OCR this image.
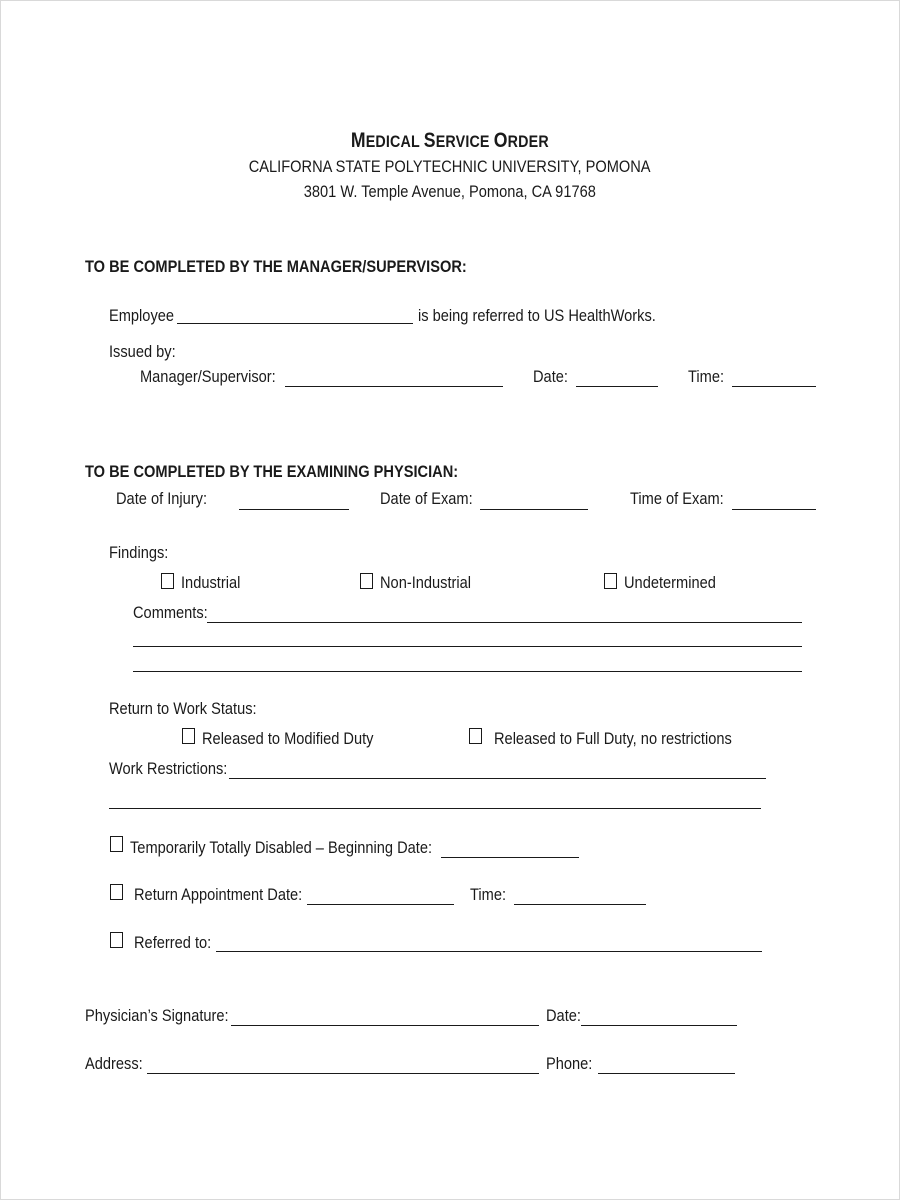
MEDICAL SERVICE ORDER
CALIFORNA STATE POLYTECHNIC UNIVERSITY, POMONA
3801 W. Temple Avenue, Pomona, CA 91768
TO BE COMPLETED BY THE MANAGER/SUPERVISOR:
Employee	is being referred to US HealthWorks.
Issued by:
Manager/Supervisor:	Date:	Time:
TO BE COMPLETED BY THE EXAMINING PHYSICIAN:
Date of Injury:	Date of Exam:	Time of Exam:
Findings:
Industrial	Non-Industrial	Undetermined
Comments:
Return to Work Status:
Released to Modified Duty	Released to Full Duty, no restrictions
Work Restrictions:
Temporarily Totally Disabled – Beginning Date:
Return Appointment Date:	Time:
Referred to:
Physician’s Signature:	Date:
Address:	Phone:
